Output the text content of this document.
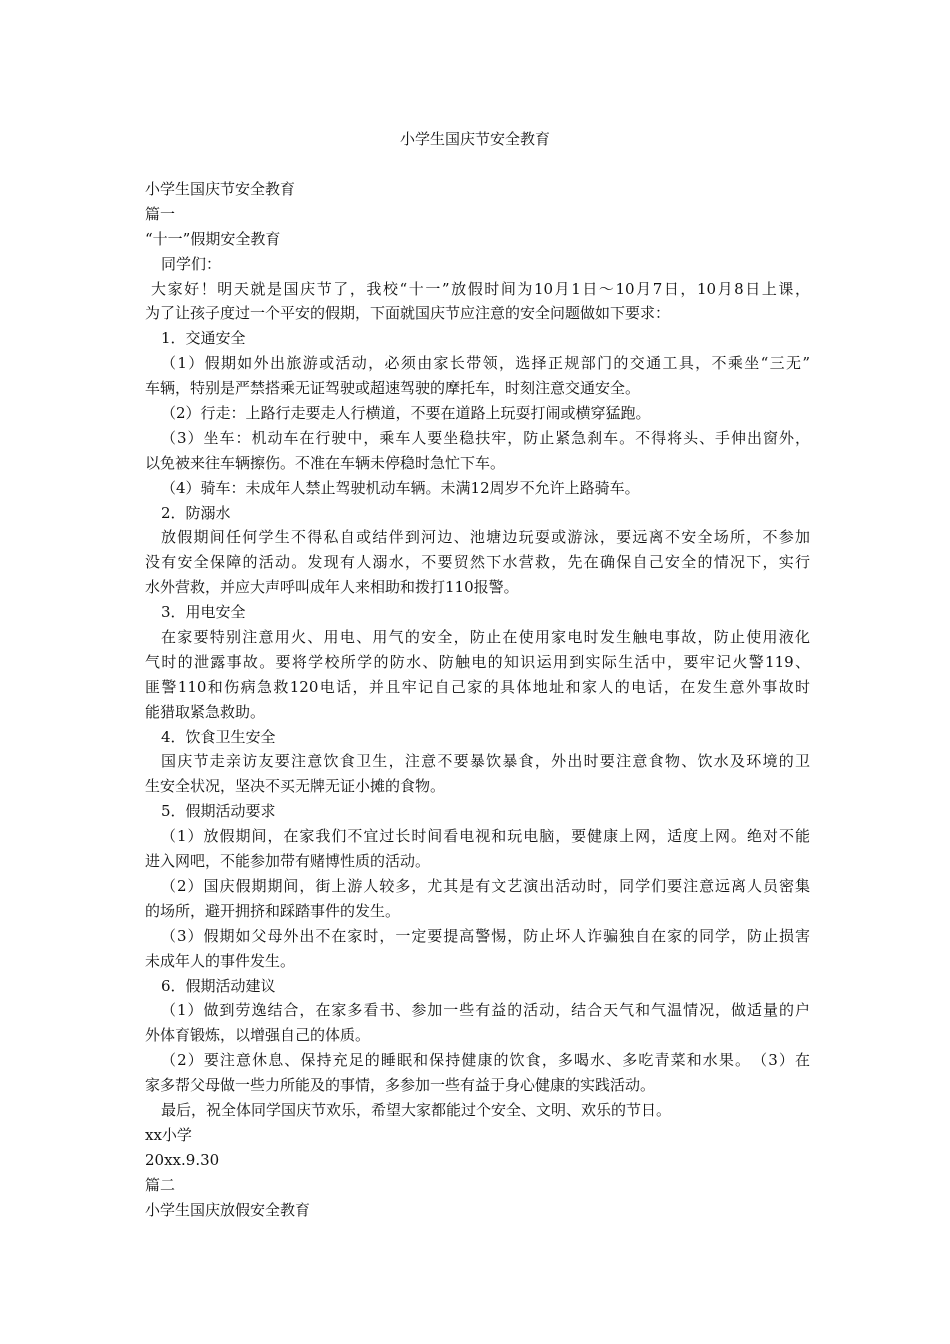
小学生国庆节安全教育
小学生国庆节安全教育
篇一
“十一”假期安全教育
同学们：
大家好！明天就是国庆节了，我校“十一”放假时间为10月1日～10月7日，10月8日上课，
为了让孩子度过一个平安的假期，下面就国庆节应注意的安全问题做如下要求：
1．交通安全
（1）假期如外出旅游或活动，必须由家长带领，选择正规部门的交通工具，不乘坐“三无”
车辆，特别是严禁搭乘无证驾驶或超速驾驶的摩托车，时刻注意交通安全。
（2）行走：上路行走要走人行横道，不要在道路上玩耍打闹或横穿猛跑。
（3）坐车：机动车在行驶中，乘车人要坐稳扶牢，防止紧急刹车。不得将头、手伸出窗外，
以免被来往车辆擦伤。不准在车辆未停稳时急忙下车。
（4）骑车：未成年人禁止驾驶机动车辆。未满12周岁不允许上路骑车。
2．防溺水
放假期间任何学生不得私自或结伴到河边、池塘边玩耍或游泳，要远离不安全场所，不参加
没有安全保障的活动。发现有人溺水，不要贸然下水营救，先在确保自己安全的情况下，实行
水外营救，并应大声呼叫成年人来相助和拨打110报警。
3．用电安全
在家要特别注意用火、用电、用气的安全，防止在使用家电时发生触电事故，防止使用液化
气时的泄露事故。要将学校所学的防水、防触电的知识运用到实际生活中，要牢记火警119、
匪警110和伤病急救120电话，并且牢记自己家的具体地址和家人的电话，在发生意外事故时
能猎取紧急救助。
4．饮食卫生安全
国庆节走亲访友要注意饮食卫生，注意不要暴饮暴食，外出时要注意食物、饮水及环境的卫
生安全状况，坚决不买无牌无证小摊的食物。
5．假期活动要求
（1）放假期间，在家我们不宜过长时间看电视和玩电脑，要健康上网，适度上网。绝对不能
进入网吧，不能参加带有赌博性质的活动。
（2）国庆假期期间，街上游人较多，尤其是有文艺演出活动时，同学们要注意远离人员密集
的场所，避开拥挤和踩踏事件的发生。
（3）假期如父母外出不在家时，一定要提高警惕，防止坏人诈骗独自在家的同学，防止损害
未成年人的事件发生。
6．假期活动建议
（1）做到劳逸结合，在家多看书、参加一些有益的活动，结合天气和气温情况，做适量的户
外体育锻炼，以增强自己的体质。
（2）要注意休息、保持充足的睡眠和保持健康的饮食，多喝水、多吃青菜和水果。　（3）在
家多帮父母做一些力所能及的事情，多参加一些有益于身心健康的实践活动。
最后，祝全体同学国庆节欢乐，希望大家都能过个安全、文明、欢乐的节日。
xx小学
20xx.9.30
篇二
小学生国庆放假安全教育
